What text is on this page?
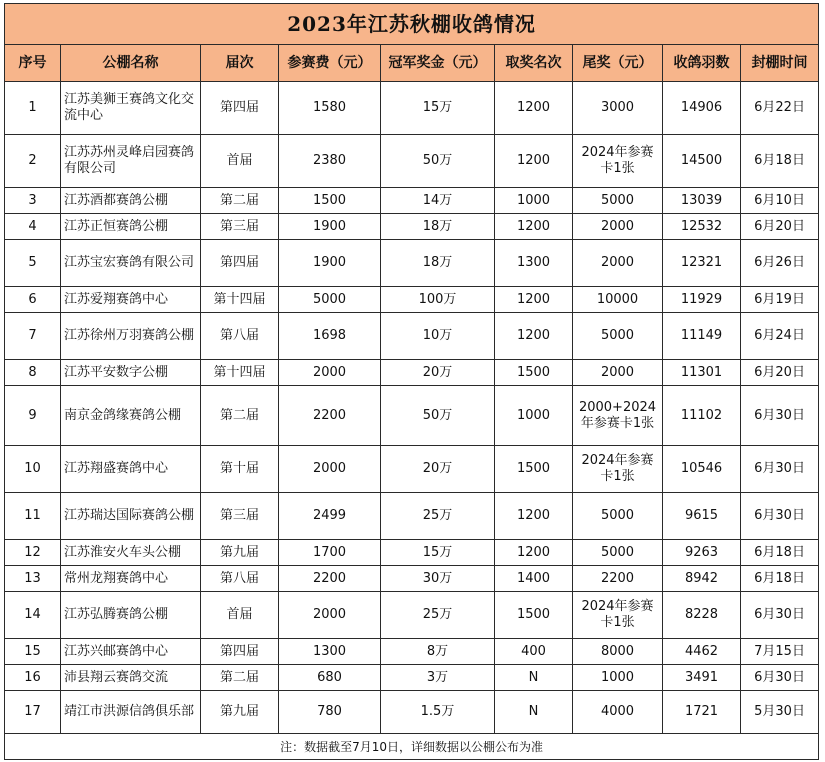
2023年江苏秋棚收鸽情况								
序号	公棚名称	届次	参赛费（元）	冠军奖金（元）	取奖名次	尾奖（元）	收鸽羽数	封棚时间
1	江苏美狮王赛鸽文化交流中心	第四届	1580	15万	1200	3000	14906	6月22日
2	江苏苏州灵峰启园赛鸽有限公司	首届	2380	50万	1200	2024年参赛卡1张	14500	6月18日
3	江苏酒都赛鸽公棚	第二届	1500	14万	1000	5000	13039	6月10日
4	江苏正恒赛鸽公棚	第三届	1900	18万	1200	2000	12532	6月20日
5	江苏宝宏赛鸽有限公司	第四届	1900	18万	1300	2000	12321	6月26日
6	江苏爱翔赛鸽中心	第十四届	5000	100万	1200	10000	11929	6月19日
7	江苏徐州万羽赛鸽公棚	第八届	1698	10万	1200	5000	11149	6月24日
8	江苏平安数字公棚	第十四届	2000	20万	1500	2000	11301	6月20日
9	南京金鸽缘赛鸽公棚	第二届	2200	50万	1000	2000+2024年参赛卡1张	11102	6月30日
10	江苏翔盛赛鸽中心	第十届	2000	20万	1500	2024年参赛卡1张	10546	6月30日
11	江苏瑞达国际赛鸽公棚	第三届	2499	25万	1200	5000	9615	6月30日
12	江苏淮安火车头公棚	第九届	1700	15万	1200	5000	9263	6月18日
13	常州龙翔赛鸽中心	第八届	2200	30万	1400	2200	8942	6月18日
14	江苏弘腾赛鸽公棚	首届	2000	25万	1500	2024年参赛卡1张	8228	6月30日
15	江苏兴邮赛鸽中心	第四届	1300	8万	400	8000	4462	7月15日
16	沛县翔云赛鸽交流	第二届	680	3万	N	1000	3491	6月30日
17	靖江市洪源信鸽俱乐部	第九届	780	1.5万	N	4000	1721	5月30日
注：数据截至7月10日，详细数据以公棚公布为准								
